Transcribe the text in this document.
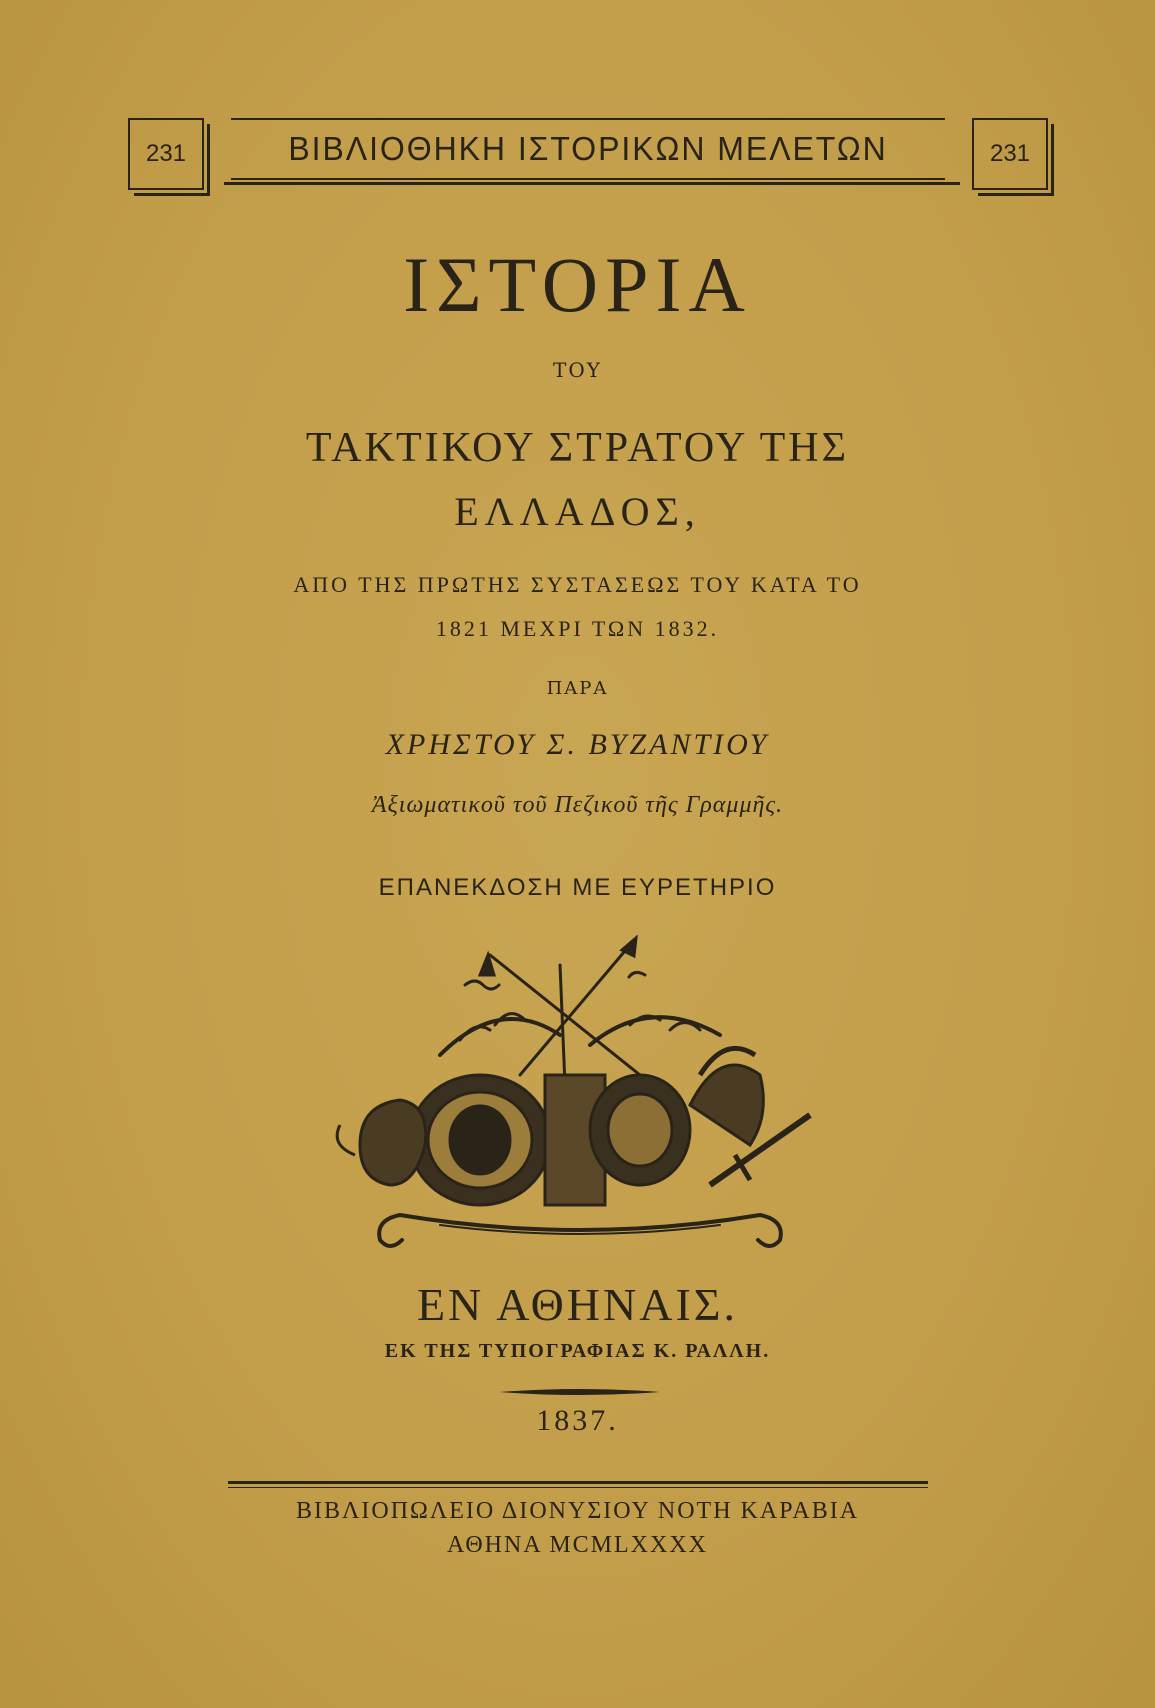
231	ΒΙΒΛΙΟΘΗΚΗ ΙΣΤΟΡΙΚΩΝ ΜΕΛΕΤΩΝ	231
ΙΣΤΟΡΙΑ
ΤΟΥ
ΤΑΚΤΙΚΟΥ ΣΤΡΑΤΟΥ ΤΗΣ
ΕΛΛΑΔΟΣ,
ΑΠΟ ΤΗΣ ΠΡΩΤΗΣ ΣΥΣΤΑΣΕΩΣ ΤΟΥ ΚΑΤΑ ΤΟ
1821 ΜΕΧΡΙ ΤΩΝ 1832.
ΠΑΡΑ
ΧΡΗΣΤΟΥ Σ. ΒΥΖΑΝΤΙΟΥ
Ἀξιωματικοῦ τοῦ Πεζικοῦ τῆς Γραμμῆς.
ΕΠΑΝΕΚΔΟΣΗ ΜΕ ΕΥΡΕΤΗΡΙΟ
ΕΝ ΑΘΗΝΑΙΣ.
ΕΚ ΤΗΣ ΤΥΠΟΓΡΑΦΙΑΣ Κ. ΡΑΛΛΗ.
1837.
ΒΙΒΛΙΟΠΩΛΕΙΟ ΔΙΟΝΥΣΙΟΥ ΝΟΤΗ ΚΑΡΑΒΙΑ
ΑΘΗΝΑ MCMLXXXX
